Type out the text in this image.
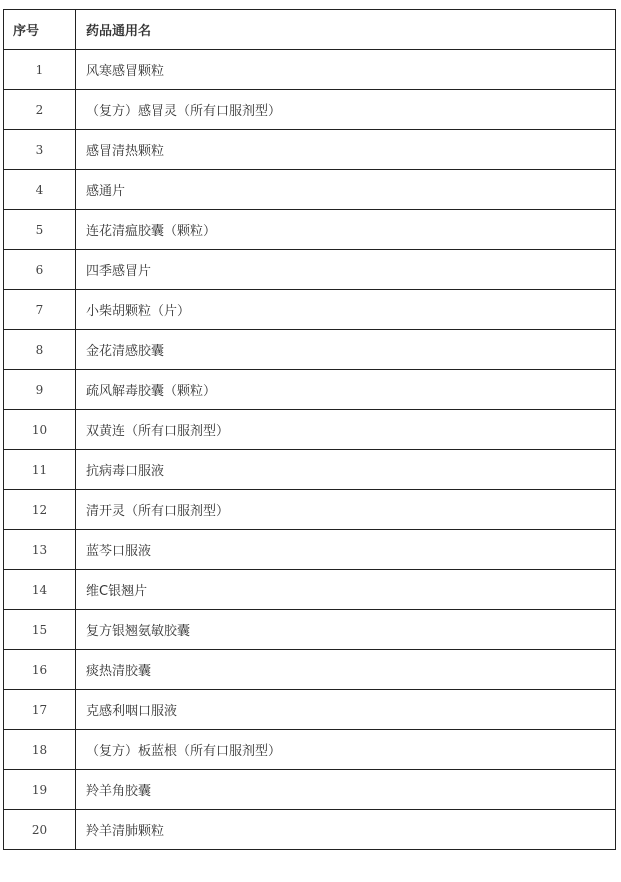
序号	药品通用名
1	风寒感冒颗粒
2	（复方）感冒灵（所有口服剂型）
3	感冒清热颗粒
4	感通片
5	连花清瘟胶囊（颗粒）
6	四季感冒片
7	小柴胡颗粒（片）
8	金花清感胶囊
9	疏风解毒胶囊（颗粒）
10	双黄连（所有口服剂型）
11	抗病毒口服液
12	清开灵（所有口服剂型）
13	蓝芩口服液
14	维C银翘片
15	复方银翘氨敏胶囊
16	痰热清胶囊
17	克感利咽口服液
18	（复方）板蓝根（所有口服剂型）
19	羚羊角胶囊
20	羚羊清肺颗粒
